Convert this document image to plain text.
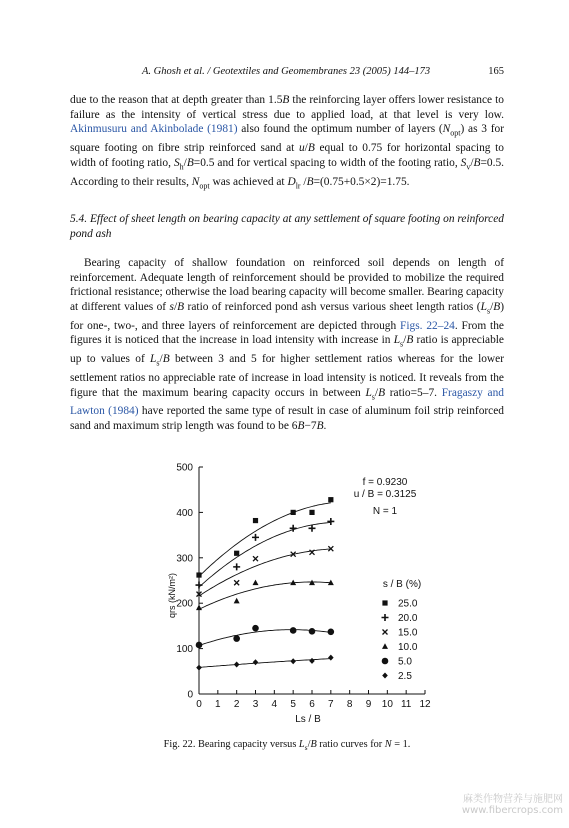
A. Ghosh et al. / Geotextiles and Geomembranes 23 (2005) 144–173	165

due to the reason that at depth greater than 1.5B the reinforcing layer offers lower resistance to failure as the intensity of vertical stress due to applied load, at that level is very low. Akinmusuru and Akinbolade (1981) also found the optimum number of layers $(N_{opt})$ as 3 for square footing on fibre strip reinforced sand at u/B equal to 0.75 for horizontal spacing to width of footing ratio, $S_h/B=0.5$ and for vertical spacing to width of the footing ratio, $S_v/B=0.5$. According to their results, $N_{opt}$ was achieved at $D_{lr}$ /B=(0.75+0.5×2)=1.75.

5.4. Effect of sheet length on bearing capacity at any settlement of square footing on reinforced pond ash

Bearing capacity of shallow foundation on reinforced soil depends on length of reinforcement. Adequate length of reinforcement should be provided to mobilize the required frictional resistance; otherwise the load bearing capacity will become smaller. Bearing capacity at different values of s/B ratio of reinforced pond ash versus various sheet length ratios $(L_s/B)$ for one-, two-, and three layers of reinforcement are depicted through Figs. 22–24. From the figures it is noticed that the increase in load intensity with increase in $L_s/B$ ratio is appreciable up to values of $L_s/B$ between 3 and 5 for higher settlement ratios whereas for the lower settlement ratios no appreciable rate of increase in load intensity is noticed. It reveals from the figure that the maximum bearing capacity occurs in between $L_s/B$ ratio=5–7. Fragaszy and Lawton (1984) have reported the same type of result in case of aluminum foil strip reinforced sand and maximum strip length was found to be 6B−7B.

0 1 2 3 4 5 6 7 8 9 10 11 12
0
100
200
300
400
500
Ls / B
qrs (kN/m²)	s / B (%)
25.0
20.0
15.0
10.0
5.0
2.5
f = 0.9230
u / B = 0.3125
N = 1
Fig. 22. Bearing capacity versus $L_s/B$ ratio curves for N = 1.
麻类作物营养与施肥网
www.fibercrops.com
